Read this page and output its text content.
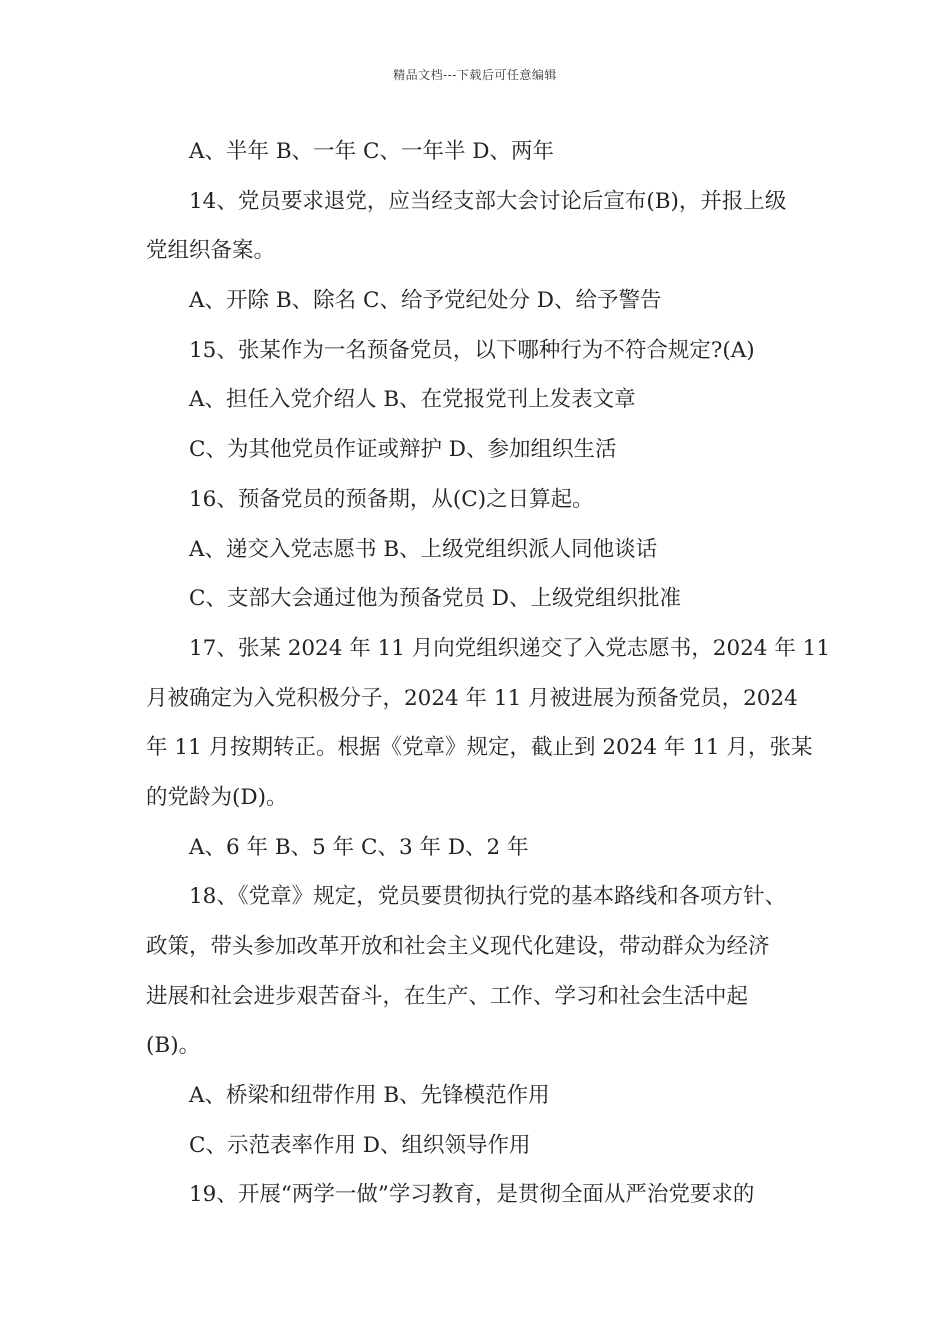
精品文档---下载后可任意编辑
A、半年 B、一年 C、一年半 D、两年
14、党员要求退党，应当经支部大会讨论后宣布(B)，并报上级
党组织备案。
A、开除 B、除名 C、给予党纪处分 D、给予警告
15、张某作为一名预备党员，以下哪种行为不符合规定?(A)
A、担任入党介绍人 B、在党报党刊上发表文章
C、为其他党员作证或辩护 D、参加组织生活
16、预备党员的预备期，从(C)之日算起。
A、递交入党志愿书 B、上级党组织派人同他谈话
C、支部大会通过他为预备党员 D、上级党组织批准
17、张某 2024 年 11 月向党组织递交了入党志愿书，2024 年 11
月被确定为入党积极分子，2024 年 11 月被进展为预备党员，2024
年 11 月按期转正。根据《党章》规定，截止到 2024 年 11 月，张某
的党龄为(D)。
A、6 年 B、5 年 C、3 年 D、2 年
18、《党章》规定，党员要贯彻执行党的基本路线和各项方针、
政策，带头参加改革开放和社会主义现代化建设，带动群众为经济
进展和社会进步艰苦奋斗，在生产、工作、学习和社会生活中起
(B)。
A、桥梁和纽带作用 B、先锋模范作用
C、示范表率作用 D、组织领导作用
19、开展“两学一做”学习教育，是贯彻全面从严治党要求的
